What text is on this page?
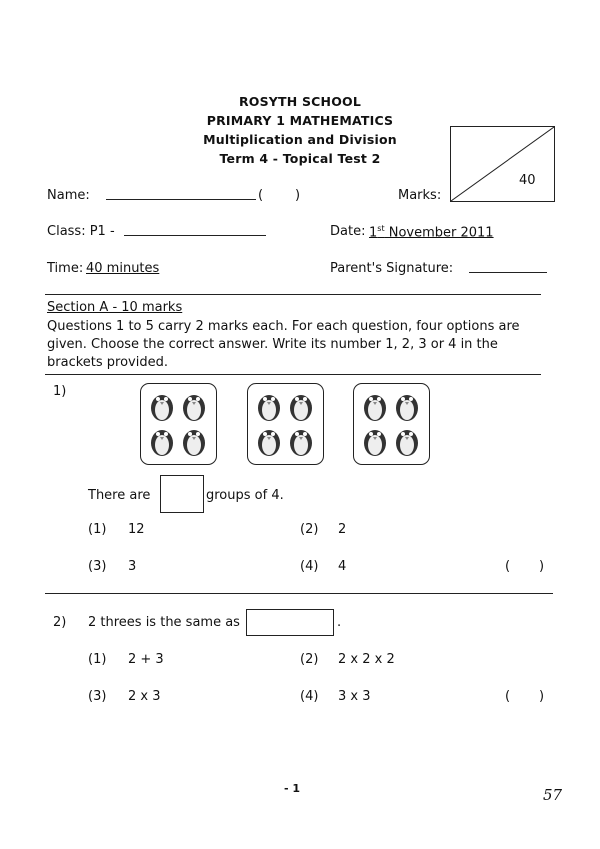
ROSYTH SCHOOL
PRIMARY 1 MATHEMATICS
Multiplication and Division
Term 4 - Topical Test 2
40
Name:	( )	Marks:
Class: P1 -	Date: 1st November 2011
Time: 40 minutes	Parent's Signature:
Section A - 10 marks
Questions 1 to 5 carry 2 marks each. For each question, four options are
given. Choose the correct answer. Write its number 1, 2, 3 or 4 in the
brackets provided.
1)
There are	groups of 4.
(1) 12	(2) 2
(3) 3	(4) 4	(       )
2) 2 threes is the same as	.
(1) 2 + 3	(2) 2 x 2 x 2
(3) 2 x 3	(4) 3 x 3	(       )
- 1	57
